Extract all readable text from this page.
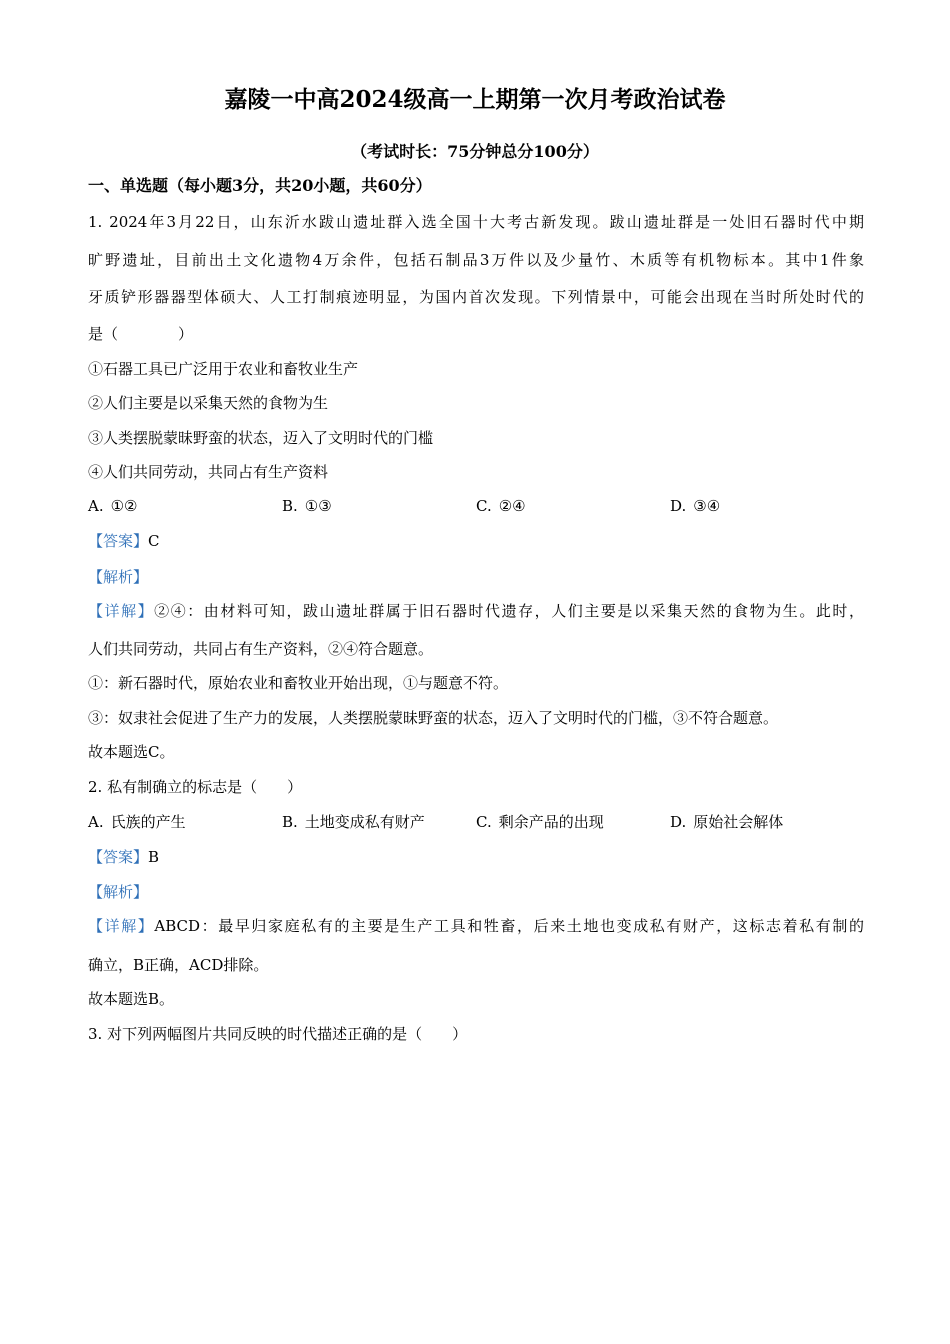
嘉陵一中高2024级高一上期第一次月考政治试卷
（考试时长：75分钟总分100分）
一、单选题（每小题3分，共20小题，共60分）
1. 2024年3月22日，山东沂水跋山遗址群入选全国十大考古新发现。跋山遗址群是一处旧石器时代中期
旷野遗址，目前出土文化遗物4万余件，包括石制品3万件以及少量竹、木质等有机物标本。其中1件象
牙质铲形器器型体硕大、人工打制痕迹明显，为国内首次发现。下列情景中，可能会出现在当时所处时代的
是（　　　　）
①石器工具已广泛用于农业和畜牧业生产
②人们主要是以采集天然的食物为生
③人类摆脱蒙昧野蛮的状态，迈入了文明时代的门槛
④人们共同劳动，共同占有生产资料
A. ①②	B. ①③	C. ②④	D. ③④
【答案】C
【解析】
【详解】②④：由材料可知，跋山遗址群属于旧石器时代遗存，人们主要是以采集天然的食物为生。此时，
人们共同劳动，共同占有生产资料，②④符合题意。
①：新石器时代，原始农业和畜牧业开始出现，①与题意不符。
③：奴隶社会促进了生产力的发展，人类摆脱蒙昧野蛮的状态，迈入了文明时代的门槛，③不符合题意。
故本题选C。
2. 私有制确立的标志是（　　）
A. 氏族的产生	B. 土地变成私有财产	C. 剩余产品的出现	D. 原始社会解体
【答案】B
【解析】
【详解】ABCD：最早归家庭私有的主要是生产工具和牲畜，后来土地也变成私有财产，这标志着私有制的
确立，B正确，ACD排除。
故本题选B。
3. 对下列两幅图片共同反映的时代描述正确的是（　　）
